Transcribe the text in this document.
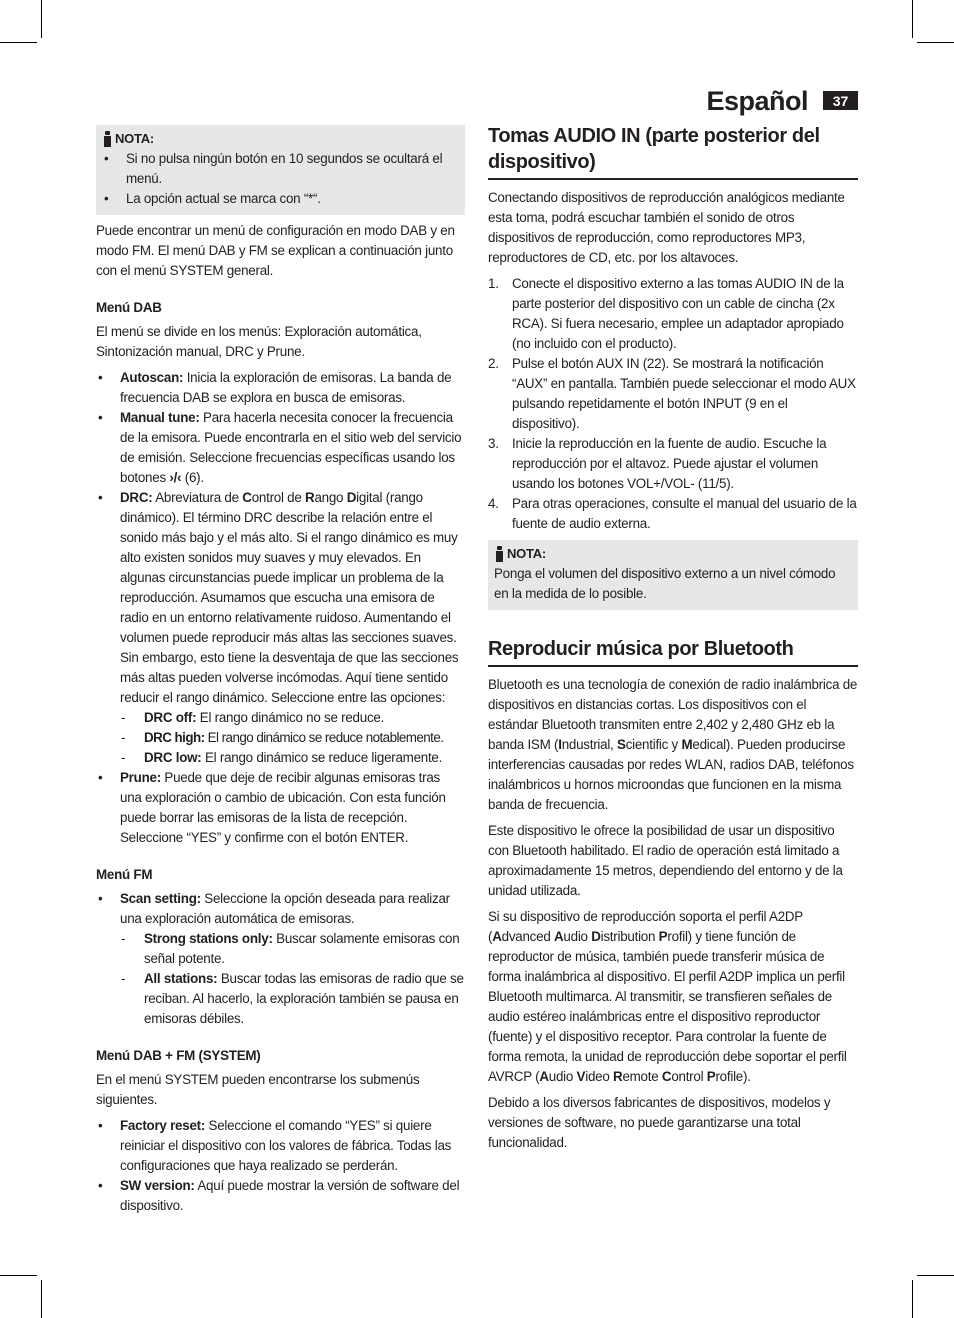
Español	37
NOTA:
• Si no pulsa ningún botón en 10 segundos se ocultará el menú.
• La opción actual se marca con “*“.

Puede encontrar un menú de configuración en modo DAB y en modo FM. El menú DAB y FM se explican a continuación junto con el menú SYSTEM general.

Menú DAB

El menú se divide en los menús: Exploración automática, Sintonización manual, DRC y Prune.

• Autoscan: Inicia la exploración de emisoras. La banda de frecuencia DAB se explora en busca de emisoras.
• Manual tune: Para hacerla necesita conocer la frecuencia de la emisora. Puede encontrarla en el sitio web del servicio de emisión. Seleccione frecuencias específicas usando los botones ›/‹ (6).
• DRC: Abreviatura de Control de Rango Digital (rango dinámico). El término DRC describe la relación entre el sonido más bajo y el más alto. Si el rango dinámico es muy alto existen sonidos muy suaves y muy elevados. En algunas circunstancias puede implicar un problema de la reproducción. Asumamos que escucha una emisora de radio en un entorno relativamente ruidoso. Aumentando el volumen puede reproducir más altas las secciones suaves. Sin embargo, esto tiene la desventaja de que las secciones más altas pueden volverse incómodas. Aquí tiene sentido reducir el rango dinámico. Seleccione entre las opciones:
- DRC off: El rango dinámico no se reduce.
- DRC high: El rango dinámico se reduce notablemente.
- DRC low: El rango dinámico se reduce ligeramente.
• Prune: Puede que deje de recibir algunas emisoras tras una exploración o cambio de ubicación. Con esta función puede borrar las emisoras de la lista de recepción. Seleccione “YES” y confirme con el botón ENTER.
Menú FM
• Scan setting: Seleccione la opción deseada para realizar una exploración automática de emisoras.
- Strong stations only: Buscar solamente emisoras con señal potente.
- All stations: Buscar todas las emisoras de radio que se reciban. Al hacerlo, la exploración también se pausa en emisoras débiles.
Menú DAB + FM (SYSTEM)

En el menú SYSTEM pueden encontrarse los submenús siguientes.

• Factory reset: Seleccione el comando “YES” si quiere reiniciar el dispositivo con los valores de fábrica. Todas las configuraciones que haya realizado se perderán.
• SW version: Aquí puede mostrar la versión de software del dispositivo.
Tomas AUDIO IN (parte posterior del dispositivo)

Conectando dispositivos de reproducción analógicos mediante esta toma, podrá escuchar también el sonido de otros dispositivos de reproducción, como reproductores MP3, reproductores de CD, etc. por los altavoces.

1. Conecte el dispositivo externo a las tomas AUDIO IN de la parte posterior del dispositivo con un cable de cincha (2x RCA). Si fuera necesario, emplee un adaptador apropiado (no incluido con el producto).
2. Pulse el botón AUX IN (22). Se mostrará la notificación “AUX” en pantalla. También puede seleccionar el modo AUX pulsando repetidamente el botón INPUT (9 en el dispositivo).
3. Inicie la reproducción en la fuente de audio. Escuche la reproducción por el altavoz. Puede ajustar el volumen usando los botones VOL+/VOL- (11/5).
4. Para otras operaciones, consulte el manual del usuario de la fuente de audio externa.
NOTA:
Ponga el volumen del dispositivo externo a un nivel cómodo en la medida de lo posible.
Reproducir música por Bluetooth

Bluetooth es una tecnología de conexión de radio inalámbrica de dispositivos en distancias cortas. Los dispositivos con el estándar Bluetooth transmiten entre 2,402 y 2,480 GHz eb la banda ISM (Industrial, Scientific y Medical). Pueden producirse interferencias causadas por redes WLAN, radios DAB, teléfonos inalámbricos u hornos microondas que funcionen en la misma banda de frecuencia.

Este dispositivo le ofrece la posibilidad de usar un dispositivo con Bluetooth habilitado. El radio de operación está limitado a aproximadamente 15 metros, dependiendo del entorno y de la unidad utilizada.

Si su dispositivo de reproducción soporta el perfil A2DP (Advanced Audio Distribution Profil) y tiene función de reproductor de música, también puede transferir música de forma inalámbrica al dispositivo. El perfil A2DP implica un perfil Bluetooth multimarca. Al transmitir, se transfieren señales de audio estéreo inalámbricas entre el dispositivo reproductor (fuente) y el dispositivo receptor. Para controlar la fuente de forma remota, la unidad de reproducción debe soportar el perfil AVRCP (Audio Video Remote Control Profile).

Debido a los diversos fabricantes de dispositivos, modelos y versiones de software, no puede garantizarse una total funcionalidad.
